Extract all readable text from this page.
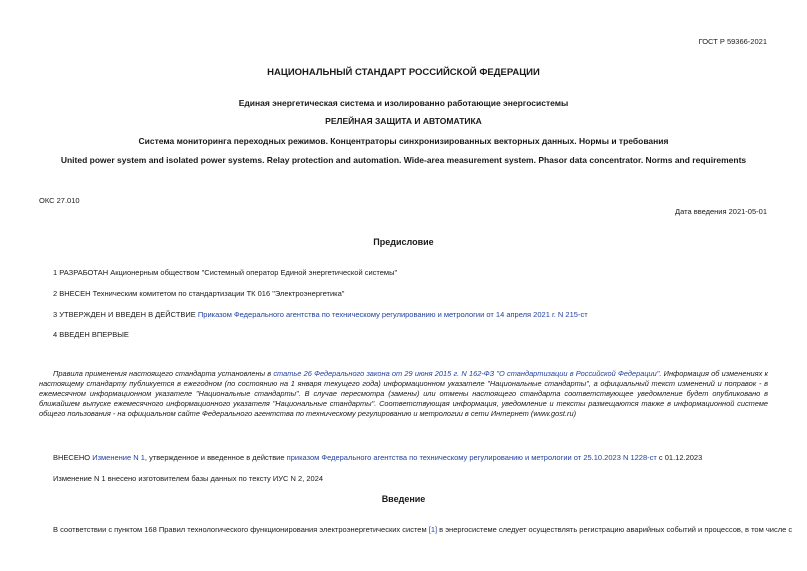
ГОСТ Р 59366-2021
НАЦИОНАЛЬНЫЙ СТАНДАРТ РОССИЙСКОЙ ФЕДЕРАЦИИ
Единая энергетическая система и изолированно работающие энергосистемы
РЕЛЕЙНАЯ ЗАЩИТА И АВТОМАТИКА
Система мониторинга переходных режимов. Концентраторы синхронизированных векторных данных. Нормы и требования
United power system and isolated power systems. Relay protection and automation. Wide-area measurement system. Phasor data concentrator. Norms and requirements
ОКС 27.010
Дата введения 2021-05-01
Предисловие
1 РАЗРАБОТАН Акционерным обществом "Системный оператор Единой энергетической системы"
2 ВНЕСЕН Техническим комитетом по стандартизации ТК 016 "Электроэнергетика"
3 УТВЕРЖДЕН И ВВЕДЕН В ДЕЙСТВИЕ Приказом Федерального агентства по техническому регулированию и метрологии от 14 апреля 2021 г. N 215-ст
4 ВВЕДЕН ВПЕРВЫЕ
Правила применения настоящего стандарта установлены в статье 26 Федерального закона от 29 июня 2015 г. N 162-ФЗ "О стандартизации в Российской Федерации". Информация об изменениях к настоящему стандарту публикуется в ежегодном (по состоянию на 1 января текущего года) информационном указателе "Национальные стандарты", а официальный текст изменений и поправок - в ежемесячном информационном указателе "Национальные стандарты". В случае пересмотра (замены) или отмены настоящего стандарта соответствующее уведомление будет опубликовано в ближайшем выпуске ежемесячного информационного указателя "Национальные стандарты". Соответствующая информация, уведомление и тексты размещаются также в информационной системе общего пользования - на официальном сайте Федерального агентства по техническому регулированию и метрологии в сети Интернет (www.gost.ru)
ВНЕСЕНО Изменение N 1, утвержденное и введенное в действие приказом Федерального агентства по техническому регулированию и метрологии от 25.10.2023 N 1228-ст с 01.12.2023
Изменение N 1 внесено изготовителем базы данных по тексту ИУС N 2, 2024
Введение
В соответствии с пунктом 168 Правил технологического функционирования электроэнергетических систем [1] в энергосистеме следует осуществлять регистрацию аварийных событий и процессов, в том числе с
